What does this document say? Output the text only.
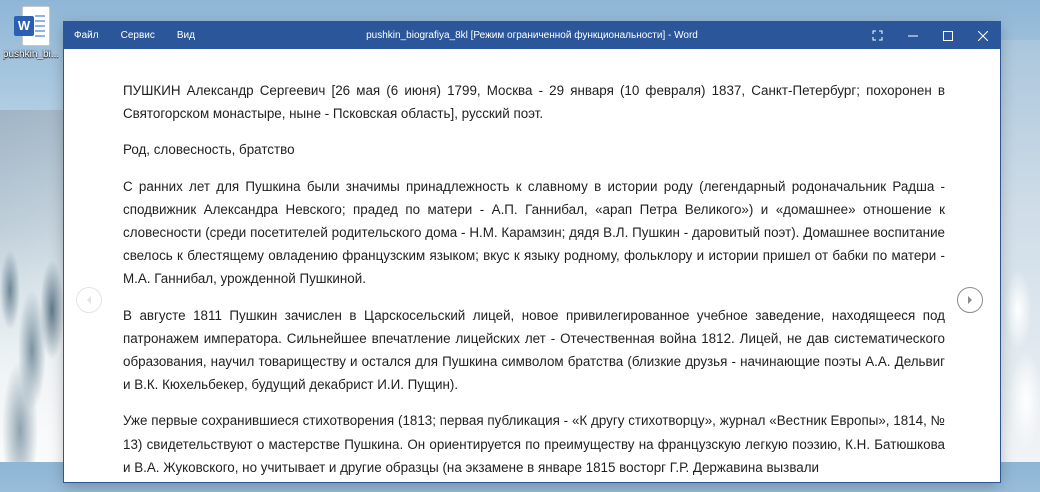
W
pushkin_bi...
pushkin_biografiya_8kl [Режим ограниченной функциональности] - Word
Файл Сервис Вид

ПУШКИН Александр Сергеевич [26 мая (6 июня) 1799, Москва - 29 января (10 февраля) 1837, Санкт-Петербург; похоронен в Святогорском монастыре, ныне - Псковская область], русский поэт.

Род, словесность, братство

С ранних лет для Пушкина были значимы принадлежность к славному в истории роду (легендарный родоначальник Радша - сподвижник Александра Невского; прадед по матери - А.П. Ганнибал, «арап Петра Великого») и «домашнее» отношение к словесности (среди посетителей родительского дома - Н.М. Карамзин; дядя В.Л. Пушкин - даровитый поэт). Домашнее воспитание свелось к блестящему овладению французским языком; вкус к языку родному, фольклору и истории пришел от бабки по матери - М.А. Ганнибал, урожденной Пушкиной.

В августе 1811 Пушкин зачислен в Царскосельский лицей, новое привилегированное учебное заведение, находящееся под патронажем императора. Сильнейшее впечатление лицейских лет - Отечественная война 1812. Лицей, не дав систематического образования, научил товариществу и остался для Пушкина символом братства (близкие друзья - начинающие поэты А.А. Дельвиг и В.К. Кюхельбекер, будущий декабрист И.И. Пущин).

Уже первые сохранившиеся стихотворения (1813; первая публикация - «К другу стихотворцу», журнал «Вестник Европы», 1814, № 13) свидетельствуют о мастерстве Пушкина. Он ориентируется по преимуществу на французскую легкую поэзию, К.Н. Батюшкова и В.А. Жуковского, но учитывает и другие образцы (на экзамене в январе 1815 восторг Г.Р. Державина вызвали
